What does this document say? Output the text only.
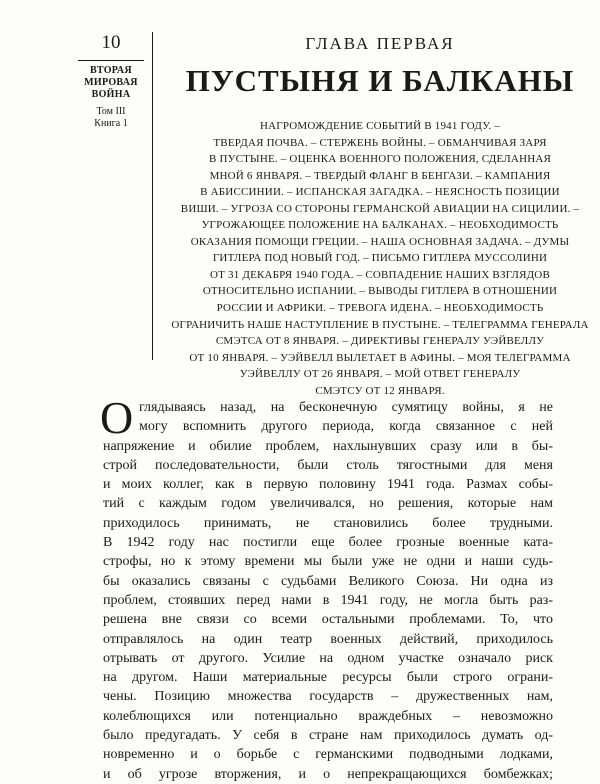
10
ВТОРАЯ
МИРОВАЯ
ВОЙНА
Том III
Книга 1
ГЛАВА ПЕРВАЯ
ПУСТЫНЯ И БАЛКАНЫ
НАГРОМОЖДЕНИЕ СОБЫТИЙ В 1941 ГОДУ. –
ТВЕРДАЯ ПОЧВА. – СТЕРЖЕНЬ ВОЙНЫ. – ОБМАНЧИВАЯ ЗАРЯ
В ПУСТЫНЕ. – ОЦЕНКА ВОЕННОГО ПОЛОЖЕНИЯ, СДЕЛАННАЯ
МНОЙ 6 ЯНВАРЯ. – ТВЕРДЫЙ ФЛАНГ В БЕНГАЗИ. – КАМПАНИЯ
В АБИССИНИИ. – ИСПАНСКАЯ ЗАГАДКА. – НЕЯСНОСТЬ ПОЗИЦИИ
ВИШИ. – УГРОЗА СО СТОРОНЫ ГЕРМАНСКОЙ АВИАЦИИ НА СИЦИЛИИ. –
УГРОЖАЮЩЕЕ ПОЛОЖЕНИЕ НА БАЛКАНАХ. – НЕОБХОДИМОСТЬ
ОКАЗАНИЯ ПОМОЩИ ГРЕЦИИ. – НАША ОСНОВНАЯ ЗАДАЧА. – ДУМЫ
ГИТЛЕРА ПОД НОВЫЙ ГОД. – ПИСЬМО ГИТЛЕРА МУССОЛИНИ
ОТ 31 ДЕКАБРЯ 1940 ГОДА. – СОВПАДЕНИЕ НАШИХ ВЗГЛЯДОВ
ОТНОСИТЕЛЬНО ИСПАНИИ. – ВЫВОДЫ ГИТЛЕРА В ОТНОШЕНИИ
РОССИИ И АФРИКИ. – ТРЕВОГА ИДЕНА. – НЕОБХОДИМОСТЬ
ОГРАНИЧИТЬ НАШЕ НАСТУПЛЕНИЕ В ПУСТЫНЕ. – ТЕЛЕГРАММА ГЕНЕРАЛА
СМЭТСА ОТ 8 ЯНВАРЯ. – ДИРЕКТИВЫ ГЕНЕРАЛУ УЭЙВЕЛЛУ
ОТ 10 ЯНВАРЯ. – УЭЙВЕЛЛ ВЫЛЕТАЕТ В АФИНЫ. – МОЯ ТЕЛЕГРАММА
УЭЙВЕЛЛУ ОТ 26 ЯНВАРЯ. – МОЙ ОТВЕТ ГЕНЕРАЛУ
СМЭТСУ ОТ 12 ЯНВАРЯ.
О глядываясь назад, на бесконечную сумятицу войны, я не
могу вспомнить другого периода, когда связанное с ней
напряжение и обилие проблем, нахлынувших сразу или в бы-
строй последовательности, были столь тягостными для меня
и моих коллег, как в первую половину 1941 года. Размах собы-
тий с каждым годом увеличивался, но решения, которые нам
приходилось принимать, не становились более трудными.
В 1942 году нас постигли еще более грозные военные ката-
строфы, но к этому времени мы были уже не одни и наши судь-
бы оказались связаны с судьбами Великого Союза. Ни одна из
проблем, стоявших перед нами в 1941 году, не могла быть раз-
решена вне связи со всеми остальными проблемами. То, что
отправлялось на один театр военных действий, приходилось
отрывать от другого. Усилие на одном участке означало риск
на другом. Наши материальные ресурсы были строго ограни-
чены. Позицию множества государств – дружественных нам,
колеблющихся или потенциально враждебных – невозможно
было предугадать. У себя в стране нам приходилось думать од-
новременно и о борьбе с германскими подводными лодками,
и об угрозе вторжения, и о непрекращающихся бомбежках;
